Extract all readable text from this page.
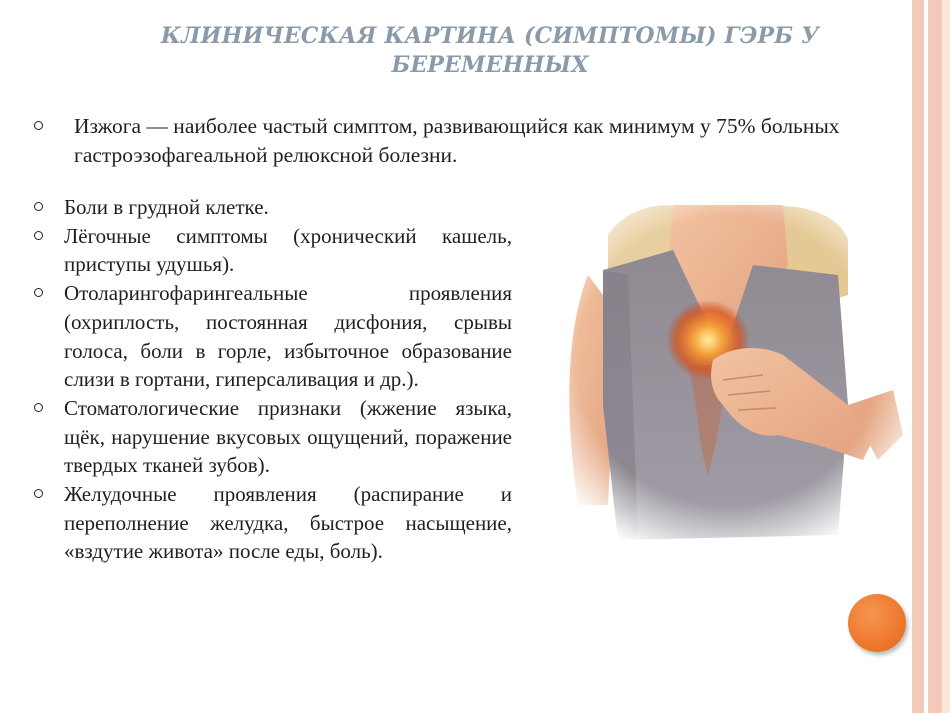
КЛИНИЧЕСКАЯ КАРТИНА (СИМПТОМЫ) ГЭРБ У БЕРЕМЕННЫХ
Изжога — наиболее частый симптом, развивающийся как минимум у 75% больных гастроэзофагеальной релюксной болезни.
Боли в грудной клетке.
Лёгочные симптомы (хронический кашель, приступы удушья).
Отоларингофарингеальные проявления (охриплость, постоянная дисфония, срывы голоса, боли в горле, избыточное образование слизи в гортани, гиперсаливация и др.).
Стоматологические признаки (жжение языка, щёк, нарушение вкусовых ощущений, поражение твердых тканей зубов).
Желудочные проявления (распирание и переполнение желудка, быстрое насыщение, «вздутие живота» после еды, боль).
